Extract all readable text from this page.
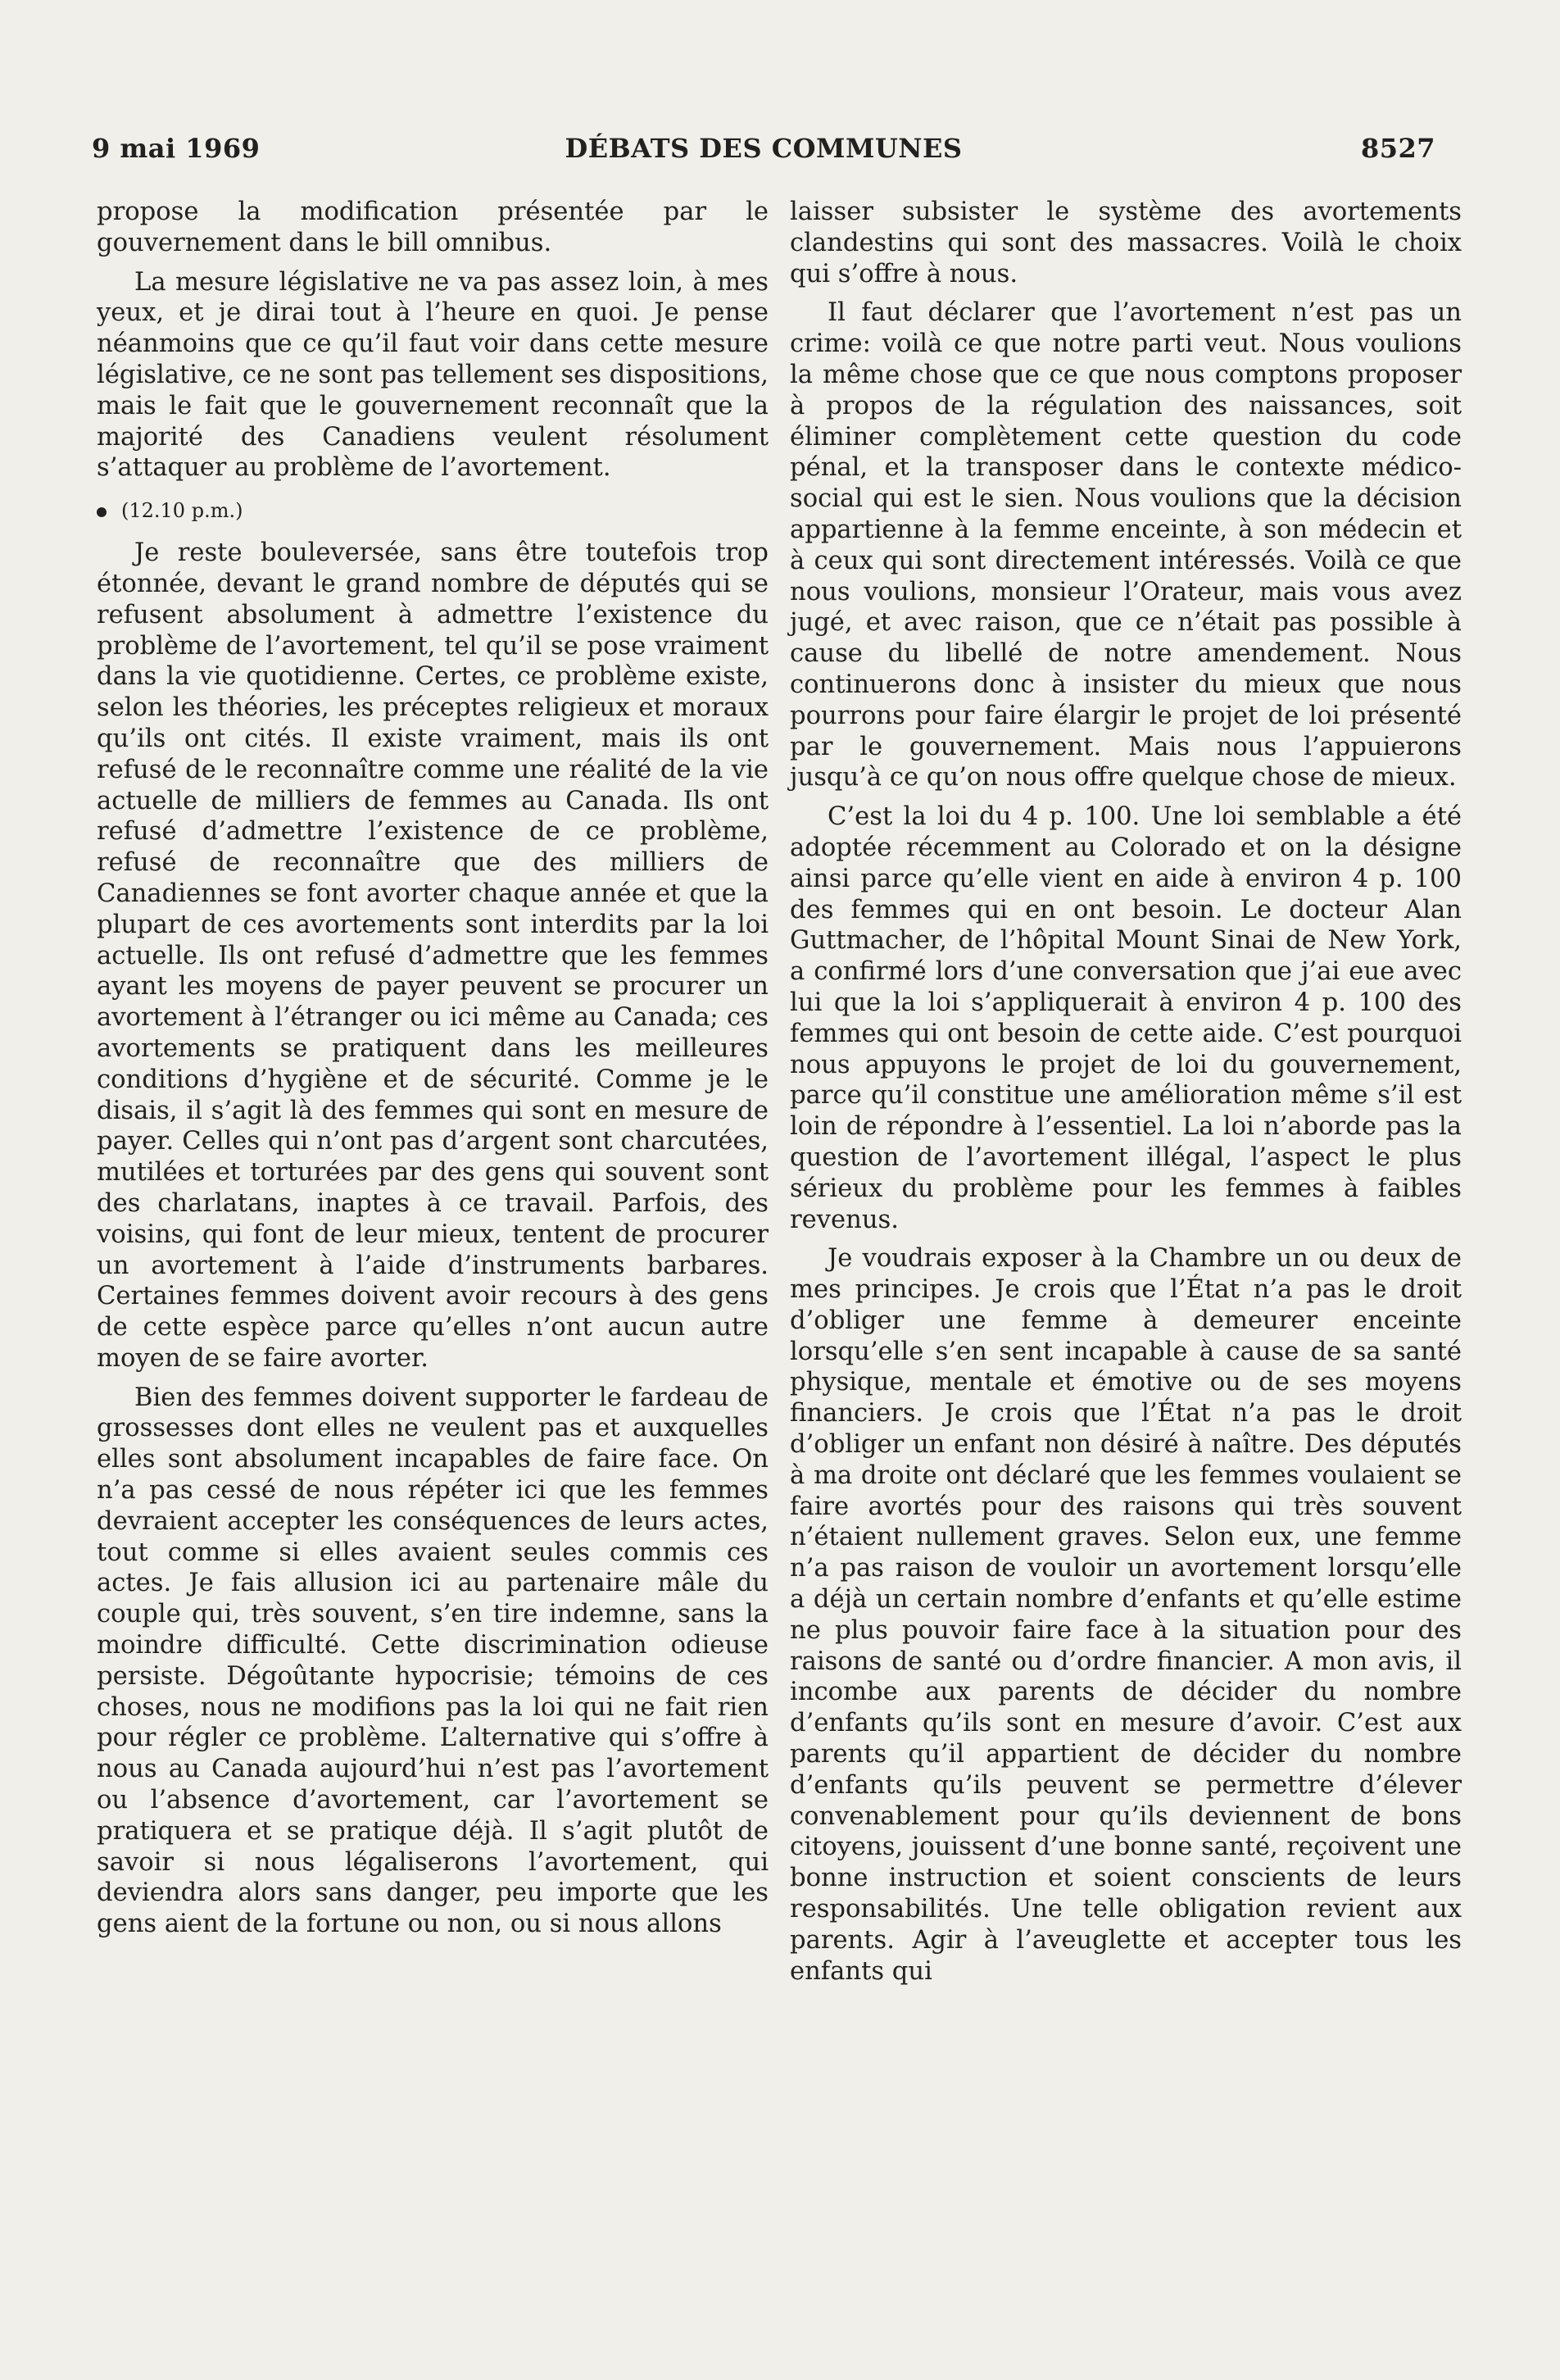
9 mai 1969	DÉBATS DES COMMUNES	8527

propose la modification présentée par le gouvernement dans le bill omnibus.

La mesure législative ne va pas assez loin, à mes yeux, et je dirai tout à l’heure en quoi. Je pense néanmoins que ce qu’il faut voir dans cette mesure législative, ce ne sont pas tellement ses dispositions, mais le fait que le gouvernement reconnaît que la majorité des Canadiens veulent résolument s’attaquer au problème de l’avortement.

(12.10 p.m.)

Je reste bouleversée, sans être toutefois trop étonnée, devant le grand nombre de députés qui se refusent absolument à admettre l’existence du problème de l’avortement, tel qu’il se pose vraiment dans la vie quotidienne. Certes, ce problème existe, selon les théories, les préceptes religieux et moraux qu’ils ont cités. Il existe vraiment, mais ils ont refusé de le reconnaître comme une réalité de la vie actuelle de milliers de femmes au Canada. Ils ont refusé d’admettre l’existence de ce problème, refusé de reconnaître que des milliers de Canadiennes se font avorter chaque année et que la plupart de ces avortements sont interdits par la loi actuelle. Ils ont refusé d’admettre que les femmes ayant les moyens de payer peuvent se procurer un avortement à l’étranger ou ici même au Canada; ces avortements se pratiquent dans les meilleures conditions d’hygiène et de sécurité. Comme je le disais, il s’agit là des femmes qui sont en mesure de payer. Celles qui n’ont pas d’argent sont charcutées, mutilées et torturées par des gens qui souvent sont des charlatans, inaptes à ce travail. Parfois, des voisins, qui font de leur mieux, tentent de procurer un avortement à l’aide d’instruments barbares. Certaines femmes doivent avoir recours à des gens de cette espèce parce qu’elles n’ont aucun autre moyen de se faire avorter.

Bien des femmes doivent supporter le fardeau de grossesses dont elles ne veulent pas et auxquelles elles sont absolument incapables de faire face. On n’a pas cessé de nous répéter ici que les femmes devraient accepter les conséquences de leurs actes, tout comme si elles avaient seules commis ces actes. Je fais allusion ici au partenaire mâle du couple qui, très souvent, s’en tire indemne, sans la moindre difficulté. Cette discrimination odieuse persiste. Dégoûtante hypocrisie; témoins de ces choses, nous ne modifions pas la loi qui ne fait rien pour régler ce problème. L’alternative qui s’offre à nous au Canada aujourd’hui n’est pas l’avortement ou l’absence d’avortement, car l’avortement se pratiquera et se pratique déjà. Il s’agit plutôt de savoir si nous légaliserons l’avortement, qui deviendra alors sans danger, peu importe que les gens aient de la fortune ou non, ou si nous allons

laisser subsister le système des avortements clandestins qui sont des massacres. Voilà le choix qui s’offre à nous.

Il faut déclarer que l’avortement n’est pas un crime: voilà ce que notre parti veut. Nous voulions la même chose que ce que nous comptons proposer à propos de la régulation des naissances, soit éliminer complètement cette question du code pénal, et la transposer dans le contexte médico-social qui est le sien. Nous voulions que la décision appartienne à la femme enceinte, à son médecin et à ceux qui sont directement intéressés. Voilà ce que nous voulions, monsieur l’Orateur, mais vous avez jugé, et avec raison, que ce n’était pas possible à cause du libellé de notre amendement. Nous continuerons donc à insister du mieux que nous pourrons pour faire élargir le projet de loi présenté par le gouvernement. Mais nous l’appuierons jusqu’à ce qu’on nous offre quelque chose de mieux.

C’est la loi du 4 p. 100. Une loi semblable a été adoptée récemment au Colorado et on la désigne ainsi parce qu’elle vient en aide à environ 4 p. 100 des femmes qui en ont besoin. Le docteur Alan Guttmacher, de l’hôpital Mount Sinai de New York, a confirmé lors d’une conversation que j’ai eue avec lui que la loi s’appliquerait à environ 4 p. 100 des femmes qui ont besoin de cette aide. C’est pourquoi nous appuyons le projet de loi du gouvernement, parce qu’il constitue une amélioration même s’il est loin de répondre à l’essentiel. La loi n’aborde pas la question de l’avortement illégal, l’aspect le plus sérieux du problème pour les femmes à faibles revenus.

Je voudrais exposer à la Chambre un ou deux de mes principes. Je crois que l’État n’a pas le droit d’obliger une femme à demeurer enceinte lorsqu’elle s’en sent incapable à cause de sa santé physique, mentale et émotive ou de ses moyens financiers. Je crois que l’État n’a pas le droit d’obliger un enfant non désiré à naître. Des députés à ma droite ont déclaré que les femmes voulaient se faire avortés pour des raisons qui très souvent n’étaient nullement graves. Selon eux, une femme n’a pas raison de vouloir un avortement lorsqu’elle a déjà un certain nombre d’enfants et qu’elle estime ne plus pouvoir faire face à la situation pour des raisons de santé ou d’ordre financier. A mon avis, il incombe aux parents de décider du nombre d’enfants qu’ils sont en mesure d’avoir. C’est aux parents qu’il appartient de décider du nombre d’enfants qu’ils peuvent se permettre d’élever convenablement pour qu’ils deviennent de bons citoyens, jouissent d’une bonne santé, reçoivent une bonne instruction et soient conscients de leurs responsabilités. Une telle obligation revient aux parents. Agir à l’aveuglette et accepter tous les enfants qui
